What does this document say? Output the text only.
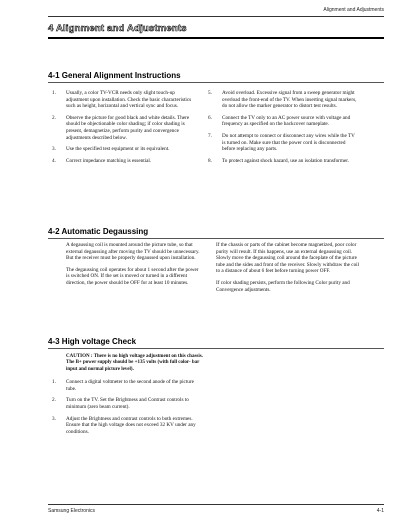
Alignment and Adjustments
4 Alignment and Adjustments
4-1 General Alignment Instructions
1. Usually, a color TV-VCR needs only slight touch-up adjustment upon installation. Check the basic characteristics such as height, horizontal and vertical sync and focus.
2. Observe the picture for good black and white details. There should be objectionable color shading; if color shading is present, demagnetize, perform purity and convergence adjustments described below.
3. Use the specified test equipment or its equivalent.
4. Correct impedance matching is essential.
5. Avoid overload. Excessive signal from a sweep generator might overload the front-end of the TV. When inserting signal markers, do not allow the marker generator to distort test results.
6. Connect the TV only to an AC power source with voltage and frequency as specified on the backcover nameplate.
7. Do not attempt to connect or disconnect any wires while the TV is turned on. Make sure that the power cord is disconnected before replacing any parts.
8. To protect against shock hazard, use an isolation transformer.
4-2 Automatic Degaussing

A degaussing coil is mounted around the picture tube, so that external degaussing after moving the TV should be unnecessary. But the receiver must be properly degaussed upon installation.

The degaussing coil operates for about 1 second after the power is switched ON. If the set is moved or turned in a different direction, the power should be OFF for at least 10 minutes.

If the chassis or parts of the cabinet become magnetized, poor color purity will result. If this happens, use an external degaussing coil. Slowly move the degaussing coil around the faceplate of the picture tube and the sides and front of the receiver. Slowly withdraw the coil to a distance of about 6 feet before turning power OFF.

If color shading persists, perform the following Color purity and Convergence adjustments.

4-3 High voltage Check

CAUTION : There is no high voltage adjustment on this chassis. The B+ power supply should be +135 volts (with full color- bar input and normal picture level).

1. Connect a digital voltmeter to the second anode of the picture tube.
2. Turn on the TV. Set the Brightness and Contrast controls to minimum (zero beam current).
3. Adjust the Brightness and contrast controls to both extremes. Ensure that the high voltage does not exceed 32 KV under any conditions.
Samsung Electronics	4-1
